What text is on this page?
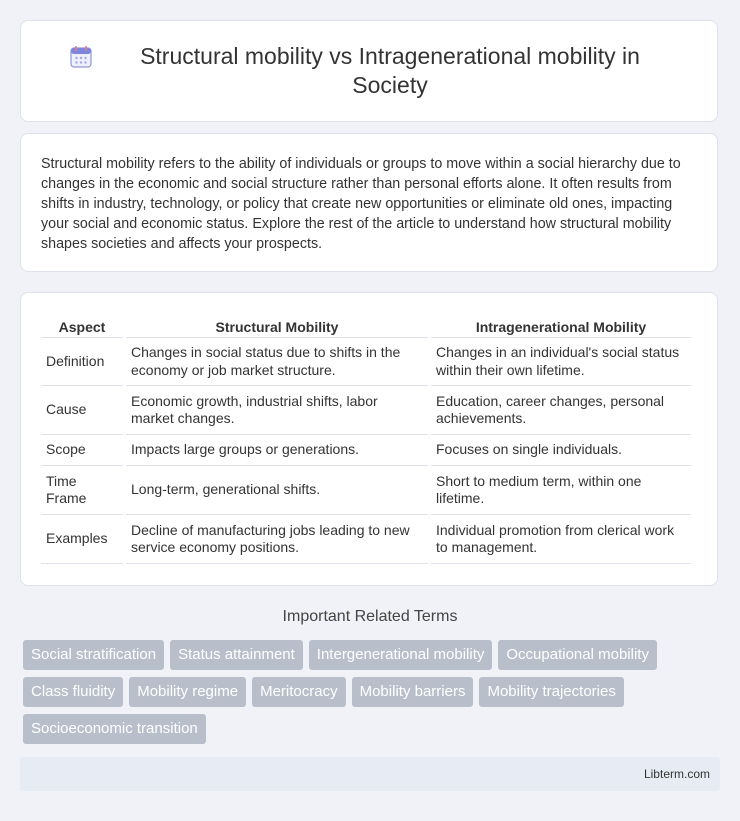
Structural mobility vs Intragenerational mobility in Society

Structural mobility refers to the ability of individuals or groups to move within a social hierarchy due to changes in the economic and social structure rather than personal efforts alone. It often results from shifts in industry, technology, or policy that create new opportunities or eliminate old ones, impacting your social and economic status. Explore the rest of the article to understand how structural mobility shapes societies and affects your prospects.

Aspect	Structural Mobility	Intragenerational Mobility
Definition	Changes in social status due to shifts in the economy or job market structure.	Changes in an individual's social status within their own lifetime.
Cause	Economic growth, industrial shifts, labor market changes.	Education, career changes, personal achievements.
Scope	Impacts large groups or generations.	Focuses on single individuals.
Time Frame	Long-term, generational shifts.	Short to medium term, within one lifetime.
Examples	Decline of manufacturing jobs leading to new service economy positions.	Individual promotion from clerical work to management.
Important Related Terms
Social stratification	Status attainment	Intergenerational mobility	Occupational mobility
Class fluidity	Mobility regime	Meritocracy	Mobility barriers	Mobility trajectories
Socioeconomic transition
Libterm.com
